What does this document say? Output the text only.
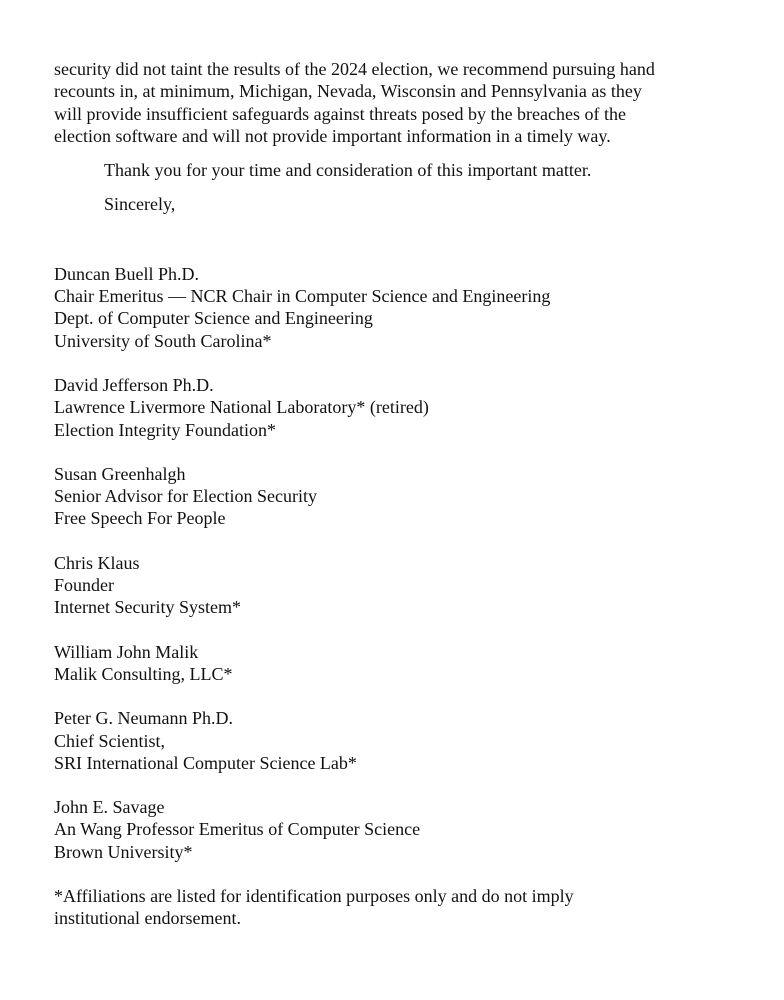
security did not taint the results of the 2024 election, we recommend pursuing hand
recounts in, at minimum, Michigan, Nevada, Wisconsin and Pennsylvania as they
will provide insufficient safeguards against threats posed by the breaches of the
election software and will not provide important information in a timely way.
Thank you for your time and consideration of this important matter.
Sincerely,
Duncan Buell Ph.D.
Chair Emeritus — NCR Chair in Computer Science and Engineering
Dept. of Computer Science and Engineering
University of South Carolina*
David Jefferson Ph.D.
Lawrence Livermore National Laboratory* (retired)
Election Integrity Foundation*
Susan Greenhalgh
Senior Advisor for Election Security
Free Speech For People
Chris Klaus
Founder
Internet Security System*
William John Malik
Malik Consulting, LLC*
Peter G. Neumann Ph.D.
Chief Scientist,
SRI International Computer Science Lab*
John E. Savage
An Wang Professor Emeritus of Computer Science
Brown University*
*Affiliations are listed for identification purposes only and do not imply
institutional endorsement.
